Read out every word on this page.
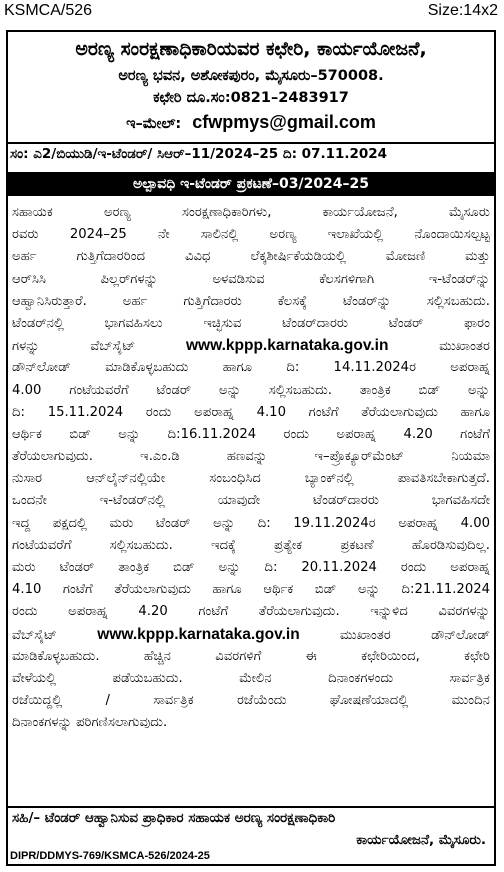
KSMCA/526	Size:14x2
ಅರಣ್ಯ ಸಂರಕ್ಷಣಾಧಿಕಾರಿಯವರ ಕಛೇರಿ, ಕಾರ್ಯಯೋಜನೆ,
ಅರಣ್ಯ ಭವನ, ಅಶೋಕಪುರಂ, ಮೈಸೂರು–570008.
ಕಛೇರಿ ದೂ.ಸಂ:0821–2483917
ಇ–ಮೇಲ್: cfwpmys@gmail.com
ಸಂ: ಎ2/ಬಿಯುಡಿ/ಇ-ಟೆಂಡರ್/ ಸಿಆರ್–11/2024–25 ದಿ: 07.11.2024
ಅಲ್ಪಾವಧಿ ಇ-ಟೆಂಡರ್ ಪ್ರಕಟಣೆ–03/2024–25
ಸಹಾಯಕ ಅರಣ್ಯ ಸಂರಕ್ಷಣಾಧಿಕಾರಿಗಳು, ಕಾರ್ಯಯೋಜನೆ, ಮೈಸೂರು
ರವರು 2024–25 ನೇ ಸಾಲಿನಲ್ಲಿ ಅರಣ್ಯ ಇಲಾಖೆಯಲ್ಲಿ ನೊಂದಾಯಿಸಲ್ಪಟ್ಟ
ಅರ್ಹ ಗುತ್ತಿಗೆದಾರರಿಂದ ವಿವಿಧ ಲೆಕ್ಕಶೀರ್ಷಿಕೆಯಡಿಯಲ್ಲಿ ಮೋಜಣಿ ಮತ್ತು
ಆರ್‌ಸಿಸಿ ಪಿಲ್ಲರ್‌ಗಳನ್ನು ಅಳವಡಿಸುವ ಕೆಲಸಗಳಿಗಾಗಿ ಇ-ಟೆಂಡರ್‌ನ್ನು
ಆಹ್ವಾನಿಸಿರುತ್ತಾರೆ. ಅರ್ಹ ಗುತ್ತಿಗೆದಾರರು ಕೆಲಸಕ್ಕೆ ಟೆಂಡರ್‌ನ್ನು ಸಲ್ಲಿಸಬಹುದು.
ಟೆಂಡರ್‌ನಲ್ಲಿ ಭಾಗವಹಿಸಲು ಇಚ್ಛಿಸುವ ಟೆಂಡರ್‌ದಾರರು ಟೆಂಡರ್ ಫಾರಂ
ಗಳನ್ನು ವೆಬ್‌ಸೈಟ್	www.kppp.karnataka.gov.in	ಮುಖಾಂತರ
ಡೌನ್‌ಲೋಡ್ ಮಾಡಿಕೊಳ್ಳಬಹುದು ಹಾಗೂ ದಿ: 14.11.2024ರ ಅಪರಾಹ್ನ
4.00 ಗಂಟೆಯವರೆಗೆ ಟೆಂಡರ್ ಅನ್ನು ಸಲ್ಲಿಸಬಹುದು. ತಾಂತ್ರಿಕ ಬಿಡ್ ಅನ್ನು
ದಿ: 15.11.2024 ರಂದು ಅಪರಾಹ್ನ 4.10 ಗಂಟೆಗೆ ತೆರೆಯಲಾಗುವುದು ಹಾಗೂ
ಆರ್ಥಿಕ ಬಿಡ್ ಅನ್ನು ದಿ:16.11.2024 ರಂದು ಅಪರಾಹ್ನ 4.20 ಗಂಟೆಗೆ
ತೆರೆಯಲಾಗುವುದು. ಇ.ಎಂ.ಡಿ ಹಣವನ್ನು ಇ–ಪ್ರೊಕ್ಯೂರ್‌ಮೆಂಟ್ ನಿಯಮಾ
ನುಸಾರ ಆನ್‌ಲೈನ್‌ನಲ್ಲಿಯೇ ಸಂಬಂಧಿಸಿದ ಬ್ಯಾಂಕ್‌ನಲ್ಲಿ ಪಾವತಿಸಬೇಕಾಗುತ್ತದೆ.
ಒಂದನೇ ಇ-ಟೆಂಡರ್‌ನಲ್ಲಿ ಯಾವುದೇ ಟೆಂಡರ್‌ದಾರರು ಭಾಗವಹಿಸದೇ
ಇದ್ದ ಪಕ್ಷದಲ್ಲಿ ಮರು ಟೆಂಡರ್ ಅನ್ನು ದಿ: 19.11.2024ರ ಅಪರಾಹ್ನ 4.00
ಗಂಟೆಯವರೆಗೆ ಸಲ್ಲಿಸಬಹುದು. ಇದಕ್ಕೆ ಪ್ರತ್ಯೇಕ ಪ್ರಕಟಣೆ ಹೊರಡಿಸುವುದಿಲ್ಲ.
ಮರು ಟೆಂಡರ್ ತಾಂತ್ರಿಕ ಬಿಡ್ ಅನ್ನು ದಿ: 20.11.2024 ರಂದು ಅಪರಾಹ್ನ
4.10 ಗಂಟೆಗೆ ತೆರೆಯಲಾಗುವುದು ಹಾಗೂ ಆರ್ಥಿಕ ಬಿಡ್ ಅನ್ನು ದಿ:21.11.2024
ರಂದು ಅಪರಾಹ್ನ 4.20 ಗಂಟೆಗೆ ತೆರೆಯಲಾಗುವುದು. ಇನ್ನುಳಿದ ವಿವರಗಳನ್ನು
ವೆಬ್‌ಸೈಟ್	www.kppp.karnataka.gov.in	ಮುಖಾಂತರ ಡೌನ್‌ಲೋಡ್
ಮಾಡಿಕೊಳ್ಳಬಹುದು. ಹೆಚ್ಚಿನ ವಿವರಗಳಿಗೆ ಈ ಕಛೇರಿಯಿಂದ, ಕಛೇರಿ
ವೇಳೆಯಲ್ಲಿ ಪಡೆಯಬಹುದು. ಮೇಲಿನ ದಿನಾಂಕಗಳಂದು ಸಾರ್ವತ್ರಿಕ
ರಜೆಯಿದ್ದಲ್ಲಿ / ಸಾರ್ವತ್ರಿಕ ರಜೆಯೆಂದು ಘೋಷಣೆಯಾದಲ್ಲಿ ಮುಂದಿನ
ದಿನಾಂಕಗಳನ್ನು ಪರಿಗಣಿಸಲಾಗುವುದು.
ಸಹಿ/– ಟೆಂಡರ್ ಆಹ್ವಾನಿಸುವ ಪ್ರಾಧಿಕಾರ ಸಹಾಯಕ ಅರಣ್ಯ ಸಂರಕ್ಷಣಾಧಿಕಾರಿ
ಕಾರ್ಯಯೋಜನೆ, ಮೈಸೂರು.
DIPR/DDMYS-769/KSMCA-526/2024-25
